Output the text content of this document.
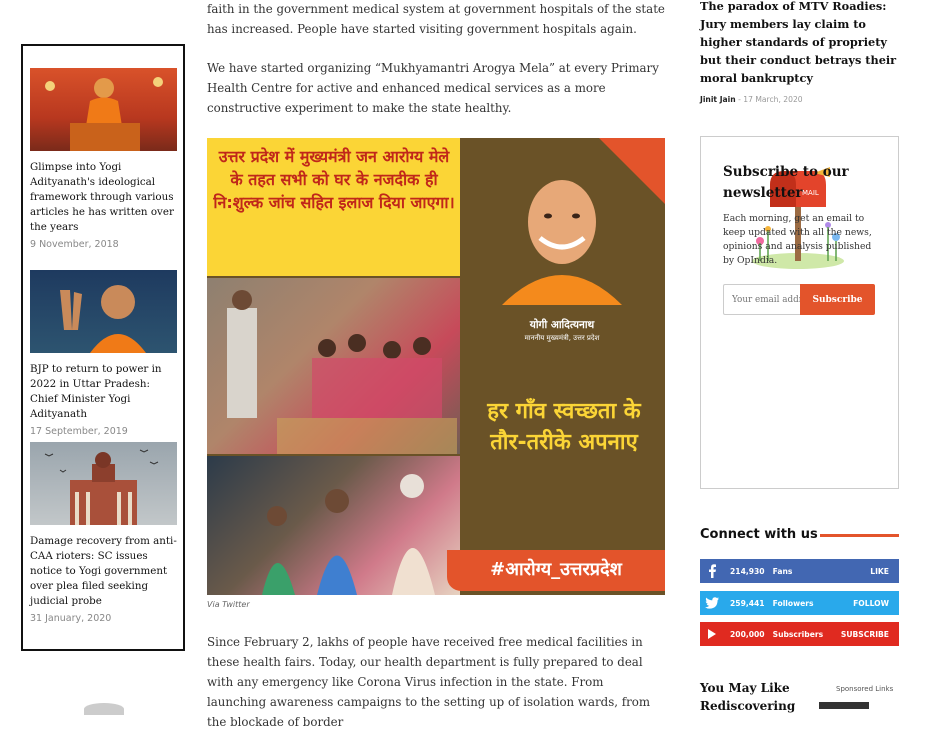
Glimpse into Yogi Adityanath's ideological framework through various articles he has written over the years
9 November, 2018
BJP to return to power in 2022 in Uttar Pradesh: Chief Minister Yogi Adityanath
17 September, 2019
Damage recovery from anti-CAA rioters: SC issues notice to Yogi government over plea filed seeking judicial probe
31 January, 2020

faith in the government medical system at government hospitals of the state has increased. People have started visiting government hospitals again.

We have started organizing “Mukhyamantri Arogya Mela” at every Primary Health Centre for active and enhanced medical services as a more constructive experiment to make the state healthy.

उत्तर प्रदेश में मुख्यमंत्री जन आरोग्य मेले के तहत सभी को घर के नजदीक ही नि:शुल्क जांच सहित इलाज दिया जाएगा।
योगी आदित्यनाथ
माननीय मुख्यमंत्री, उत्तर प्रदेश
हर गाँव स्वच्छता के तौर-तरीके अपनाए
#आरोग्य_उत्तरप्रदेश
Via Twitter

Since February 2, lakhs of people have received free medical facilities in these health fairs. Today, our health department is fully prepared to deal with any emergency like Corona Virus infection in the state. From launching awareness campaigns to the setting up of isolation wards, from the blockade of border

The paradox of MTV Roadies: Jury members lay claim to higher standards of propriety but their conduct betrays their moral bankruptcy
Jinit Jain - 17 March, 2020
MAIL
Subscribe to our newsletter
Each morning, get an email to keep updated with all the news, opinions and analysis published by OpIndia.
Your email address
Subscribe
Connect with us
214,930 Fans	LIKE
259,441 Followers	FOLLOW
200,000 Subscribers SUBSCRIBE
You May Like
Rediscovering
Sponsored Links
